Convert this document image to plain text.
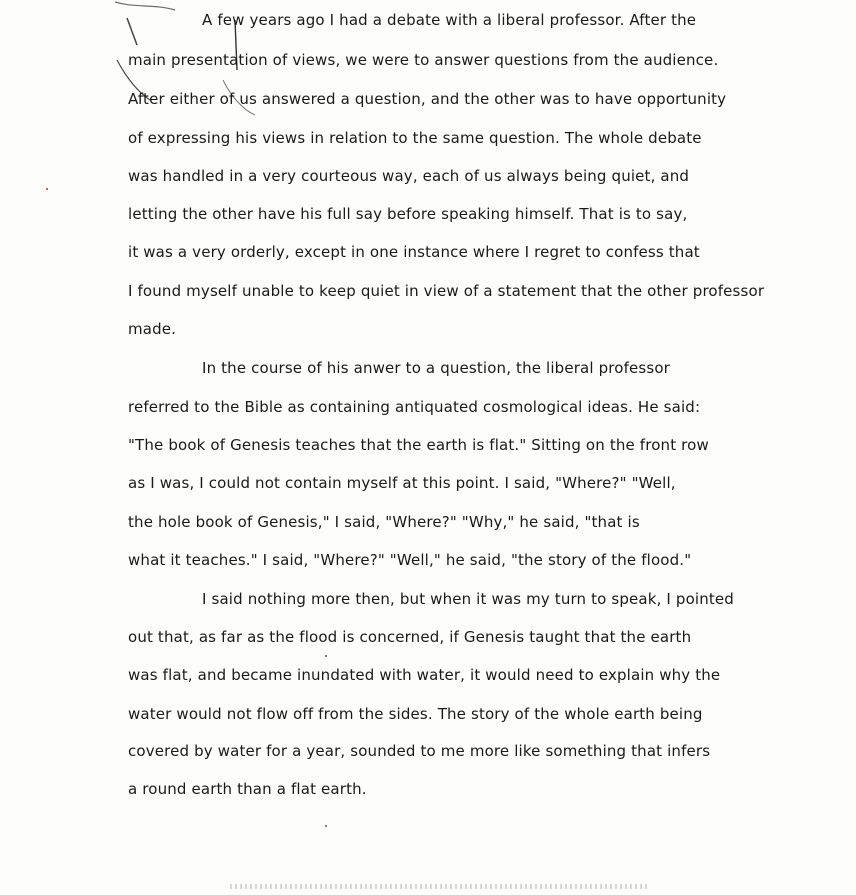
A few years ago I had a debate with a liberal professor. After the

main presentation of views, we were to answer questions from the audience.

After either of us answered a question, and the other was to have opportunity

of expressing his views in relation to the same question. The whole debate

was handled in a very courteous way, each of us always being quiet, and

letting the other have his full say before speaking himself. That is to say,

it was a very orderly, except in one instance where I regret to confess that

I found myself unable to keep quiet in view of a statement that the other professor

made.

In the course of his anwer to a question, the liberal professor

referred to the Bible as containing antiquated cosmological ideas. He said:

"The book of Genesis teaches that the earth is flat." Sitting on the front row

as I was, I could not contain myself at this point. I said, "Where?" "Well,

the hole book of Genesis," I said, "Where?" "Why," he said, "that is

what it teaches." I said, "Where?" "Well," he said, "the story of the flood."

I said nothing more then, but when it was my turn to speak, I pointed

out that, as far as the flood is concerned, if Genesis taught that the earth

was flat, and became inundated with water, it would need to explain why the

water would not flow off from the sides. The story of the whole earth being

covered by water for a year, sounded to me more like something that infers

a round earth than a flat earth.
